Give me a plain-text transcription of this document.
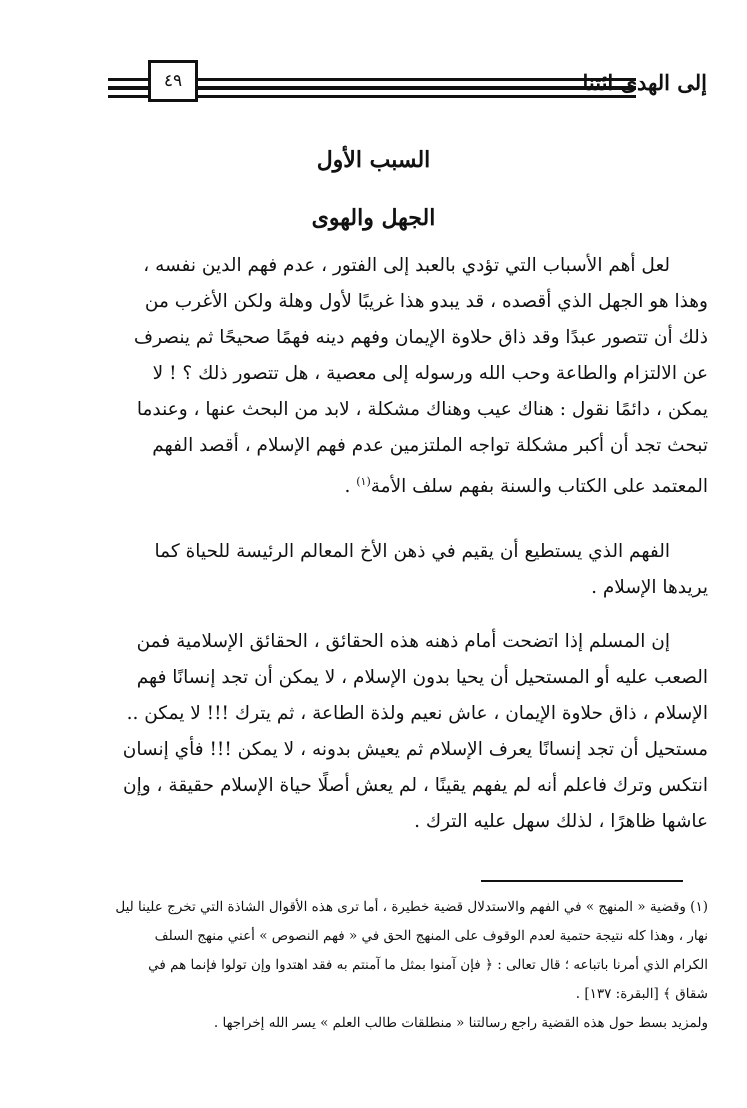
٤٩	إلى الهدى ائتنا
السبب الأول
الجهل والهوى
لعل أهم الأسباب التي تؤدي بالعبد إلى الفتور ، عدم فهم الدين نفسه ،
وهذا هو الجهل الذي أقصده ، قد يبدو هذا غريبًا لأول وهلة ولكن الأغرب من
ذلك أن تتصور عبدًا وقد ذاق حلاوة الإيمان وفهم دينه فهمًا صحيحًا ثم ينصرف
عن الالتزام والطاعة وحب الله ورسوله إلى معصية ، هل تتصور ذلك ؟ ! لا
يمكن ، دائمًا نقول : هناك عيب وهناك مشكلة ، لابد من البحث عنها ، وعندما
تبحث تجد أن أكبر مشكلة تواجه الملتزمين عدم فهم الإسلام ، أقصد الفهم
المعتمد على الكتاب والسنة بفهم سلف الأمة$^{(١)}$ .
الفهم الذي يستطيع أن يقيم في ذهن الأخ المعالم الرئيسة للحياة كما
يريدها الإسلام .
إن المسلم إذا اتضحت أمام ذهنه هذه الحقائق ، الحقائق الإسلامية فمن
الصعب عليه أو المستحيل أن يحيا بدون الإسلام ، لا يمكن أن تجد إنسانًا فهم
الإسلام ، ذاق حلاوة الإيمان ، عاش نعيم ولذة الطاعة ، ثم يترك !!! لا يمكن ..
مستحيل أن تجد إنسانًا يعرف الإسلام ثم يعيش بدونه ، لا يمكن !!! فأي إنسان
انتكس وترك فاعلم أنه لم يفهم يقينًا ، لم يعش أصلًا حياة الإسلام حقيقة ، وإن
عاشها ظاهرًا ، لذلك سهل عليه الترك .
(١) وقضية « المنهج » في الفهم والاستدلال قضية خطيرة ، أما ترى هذه الأقوال الشاذة التي تخرج علينا ليل
نهار ، وهذا كله نتيجة حتمية لعدم الوقوف على المنهج الحق في « فهم النصوص » أعني منهج السلف
الكرام الذي أمرنا باتباعه ؛ قال تعالى : ﴿ فإن آمنوا بمثل ما آمنتم به فقد اهتدوا وإن تولوا فإنما هم في
شقاق ﴾ [البقرة: ١٣٧] .
ولمزيد بسط حول هذه القضية راجع رسالتنا « منطلقات طالب العلم » يسر الله إخراجها .
